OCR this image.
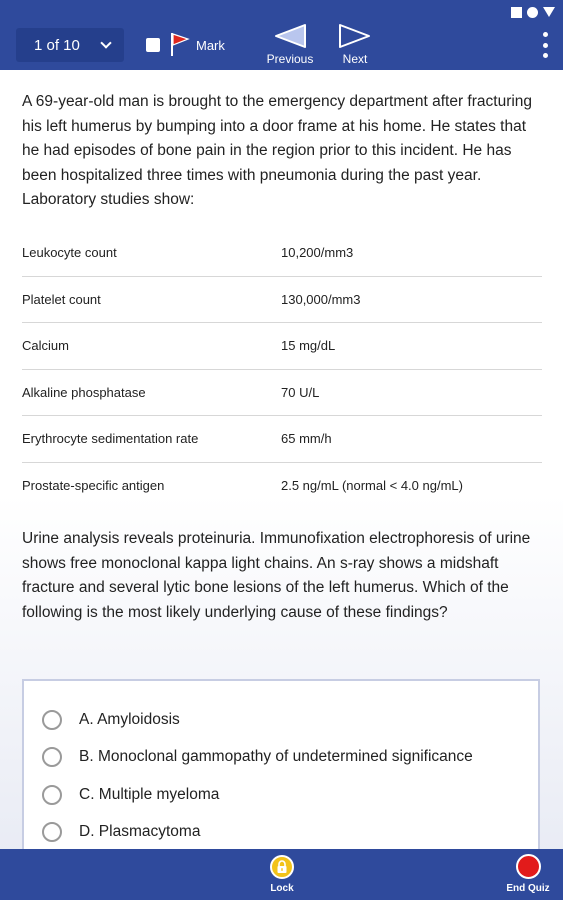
1 of 10	Mark
Previous Next
A 69-year-old man is brought to the emergency department after fracturing his left humerus by bumping into a door frame at his home. He states that he had episodes of bone pain in the region prior to this incident. He has been hospitalized three times with pneumonia during the past year. Laboratory studies show:
Leukocyte count	10,200/mm3
Platelet count	130,000/mm3
Calcium	15 mg/dL
Alkaline phosphatase	70 U/L
Erythrocyte sedimentation rate	65 mm/h
Prostate-specific antigen	2.5 ng/mL (normal < 4.0 ng/mL)
Urine analysis reveals proteinuria. Immunofixation electrophoresis of urine shows free monoclonal kappa light chains. An s-ray shows a midshaft fracture and several lytic bone lesions of the left humerus. Which of the following is the most likely underlying cause of these findings?
A. Amyloidosis
B. Monoclonal gammopathy of undetermined significance
C. Multiple myeloma
D. Plasmacytoma
Lock	End Quiz
